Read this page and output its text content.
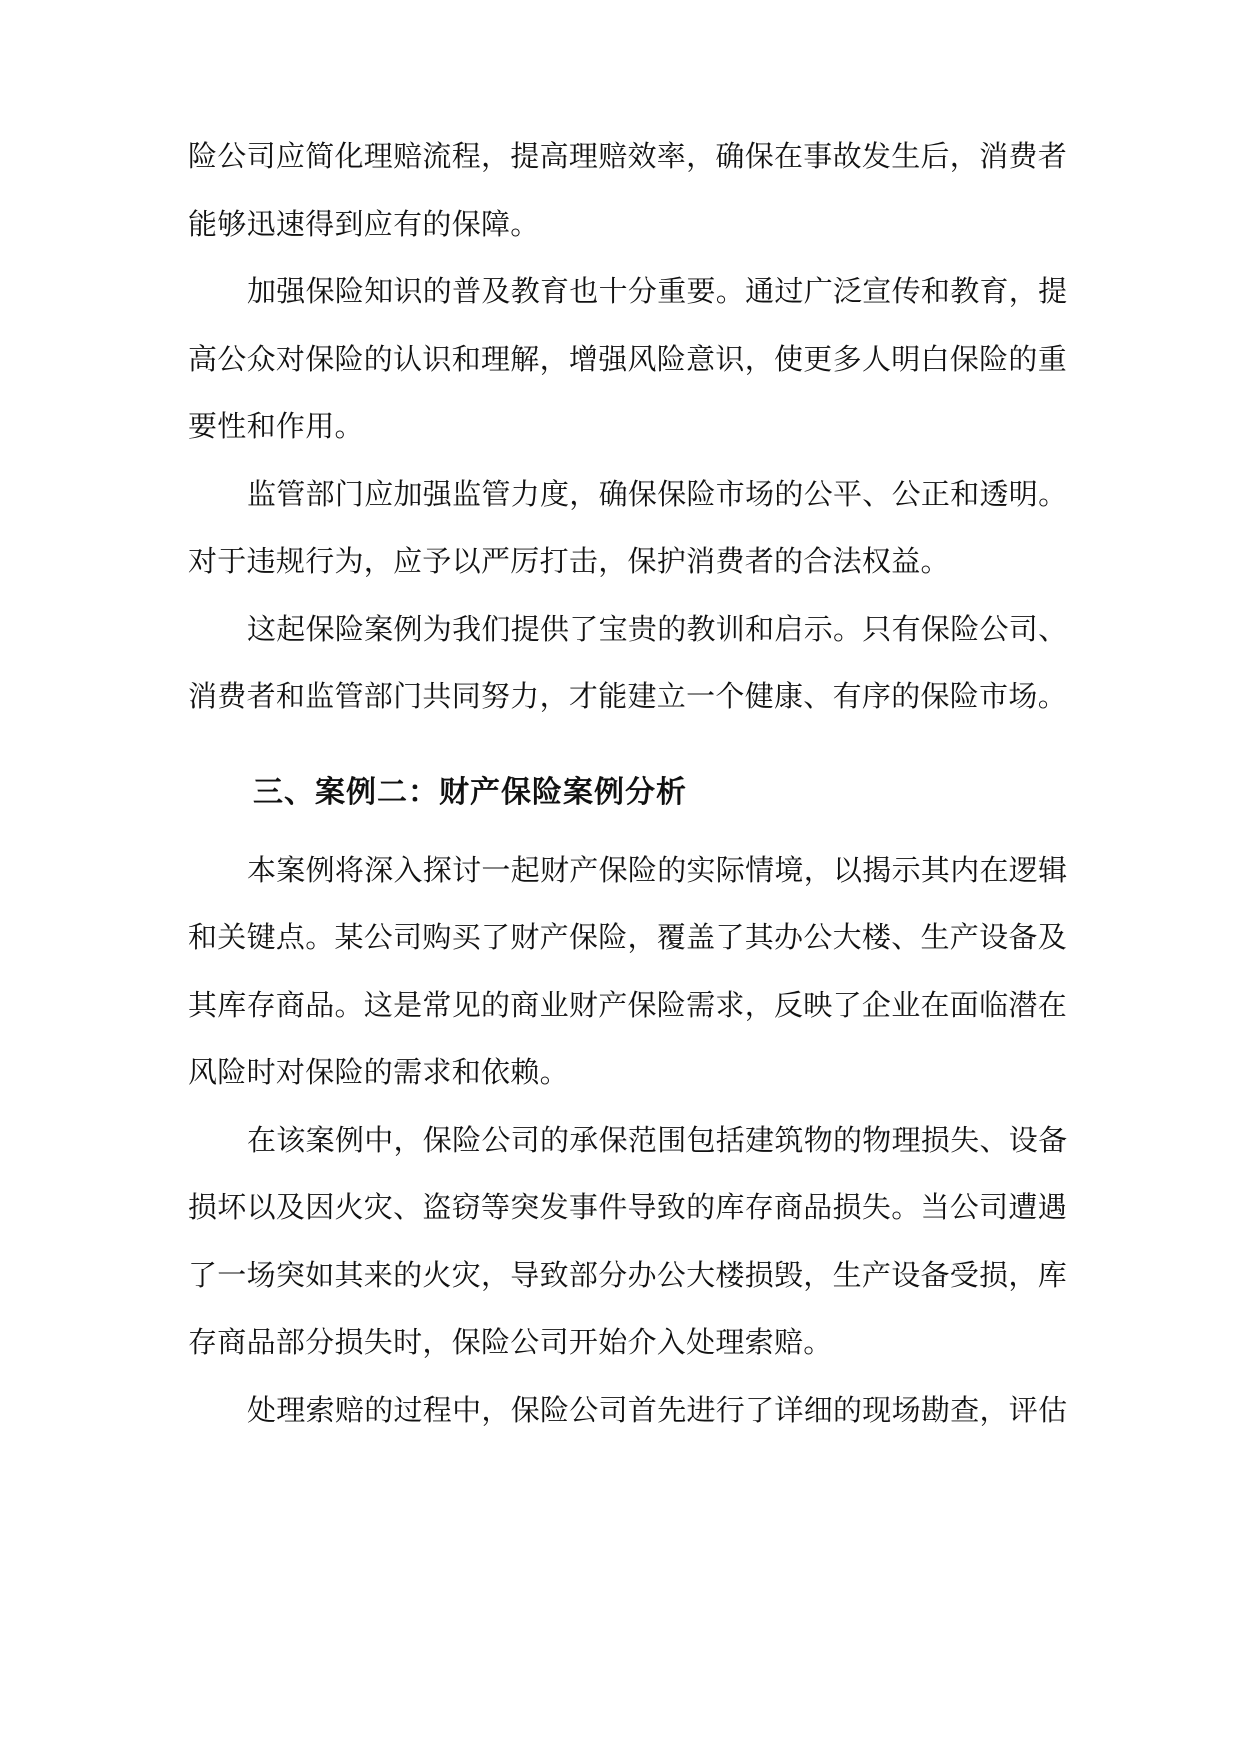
险公司应简化理赔流程，提高理赔效率，确保在事故发生后，消费者
能够迅速得到应有的保障。
加强保险知识的普及教育也十分重要。通过广泛宣传和教育，提
高公众对保险的认识和理解，增强风险意识，使更多人明白保险的重
要性和作用。
监管部门应加强监管力度，确保保险市场的公平、公正和透明。
对于违规行为，应予以严厉打击，保护消费者的合法权益。
这起保险案例为我们提供了宝贵的教训和启示。只有保险公司、
消费者和监管部门共同努力，才能建立一个健康、有序的保险市场。
三、案例二：财产保险案例分析
本案例将深入探讨一起财产保险的实际情境，以揭示其内在逻辑
和关键点。某公司购买了财产保险，覆盖了其办公大楼、生产设备及
其库存商品。这是常见的商业财产保险需求，反映了企业在面临潜在
风险时对保险的需求和依赖。
在该案例中，保险公司的承保范围包括建筑物的物理损失、设备
损坏以及因火灾、盗窃等突发事件导致的库存商品损失。当公司遭遇
了一场突如其来的火灾，导致部分办公大楼损毁，生产设备受损，库
存商品部分损失时，保险公司开始介入处理索赔。
处理索赔的过程中，保险公司首先进行了详细的现场勘查，评估
